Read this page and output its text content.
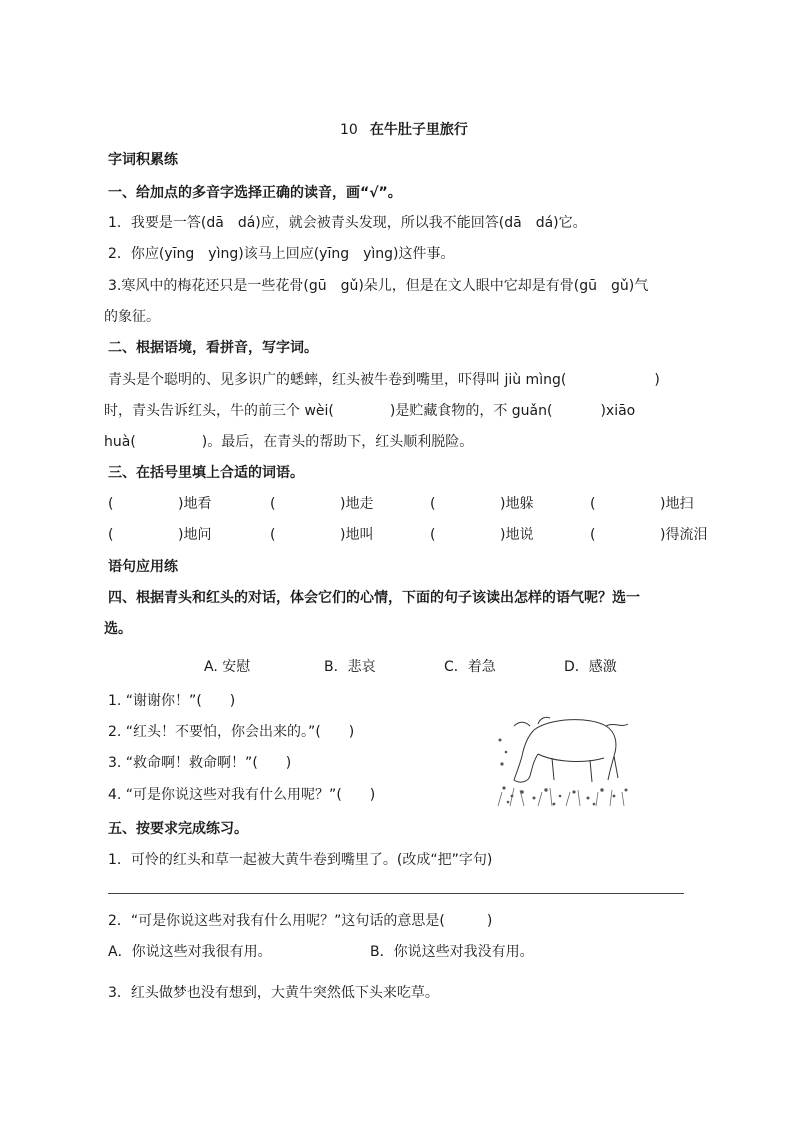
10 在牛肚子里旅行
字词积累练
一、给加点的多音字选择正确的读音，画“√”。
1．我要是一答(dā　dá)应，就会被青头发现，所以我不能回答(dā　dá)它。
2．你应(yīng　yìng)该马上回应(yīng　yìng)这件事。
3.寒风中的梅花还只是一些花骨(gū　gǔ)朵儿，但是在文人眼中它却是有骨(gū　gǔ)气
的象征。
二、根据语境，看拼音，写字词。
青头是个聪明的、见多识广的蟋蟀，红头被牛卷到嘴里，吓得叫 jiù mìng(	)
时，青头告诉红头，牛的前三个 wèi(	)是贮藏食物的，不 guǎn(	)xiāo
huà(	)。最后，在青头的帮助下，红头顺利脱险。
三、在括号里填上合适的词语。
(	)地看	(	)地走	(	)地躲	(	)地扫
(	)地问	(	)地叫	(	)地说	(	)得流泪
语句应用练
四、根据青头和红头的对话，体会它们的心情，下面的句子该读出怎样的语气呢？选一
选。
A. 安慰	B．悲哀	C．着急	D．感激
1. “谢谢你！”(　　)
2. “红头！不要怕，你会出来的。”(　　)
3. “救命啊！救命啊！”(　　)
4. “可是你说这些对我有什么用呢？”(　　)
五、按要求完成练习。
1．可怜的红头和草一起被大黄牛卷到嘴里了。(改成“把”字句)
2．“可是你说这些对我有什么用呢？”这句话的意思是(　　　)
A．你说这些对我很有用。	B．你说这些对我没有用。
3．红头做梦也没有想到，大黄牛突然低下头来吃草。
